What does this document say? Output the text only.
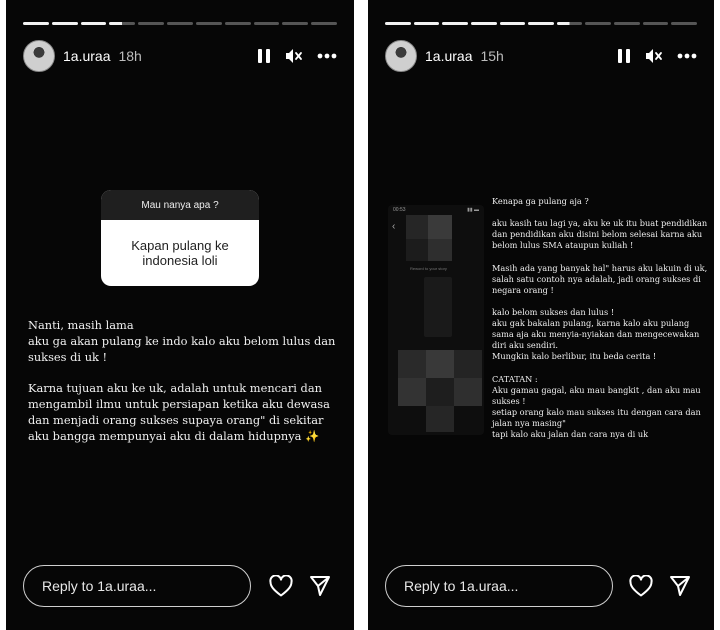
1a.uraa 18h
Mau nanya apa ?
Kapan pulang ke indonesia loli

Nanti, masih lama
aku ga akan pulang ke indo kalo aku belom lulus dan sukses di uk !

Karna tujuan aku ke uk, adalah untuk mencari dan mengambil ilmu untuk persiapan ketika aku dewasa dan menjadi orang sukses supaya orang" di sekitar aku bangga mempunyai aku di dalam hidupnya ✨

Reply to 1a.uraa...
1a.uraa 15h
00:53	▮▮ ▬
‹
Reword to your story

Kenapa ga pulang aja ?

aku kasih tau lagi ya, aku ke uk itu buat pendidikan dan pendidikan aku disini belom selesai karna aku belom lulus SMA ataupun kuliah !

Masih ada yang banyak hal" harus aku lakuin di uk, salah satu contoh nya adalah, jadi orang sukses di negara orang !

kalo belom sukses dan lulus !
aku gak bakalan pulang, karna kalo aku pulang sama aja aku menyia-nyiakan dan mengecewakan diri aku sendiri.
Mungkin kalo berlibur, itu beda cerita !

CATATAN :
Aku gamau gagal, aku mau bangkit , dan aku mau sukses !
setiap orang kalo mau sukses itu dengan cara dan jalan nya masing"
tapi kalo aku jalan dan cara nya di uk

Reply to 1a.uraa...
